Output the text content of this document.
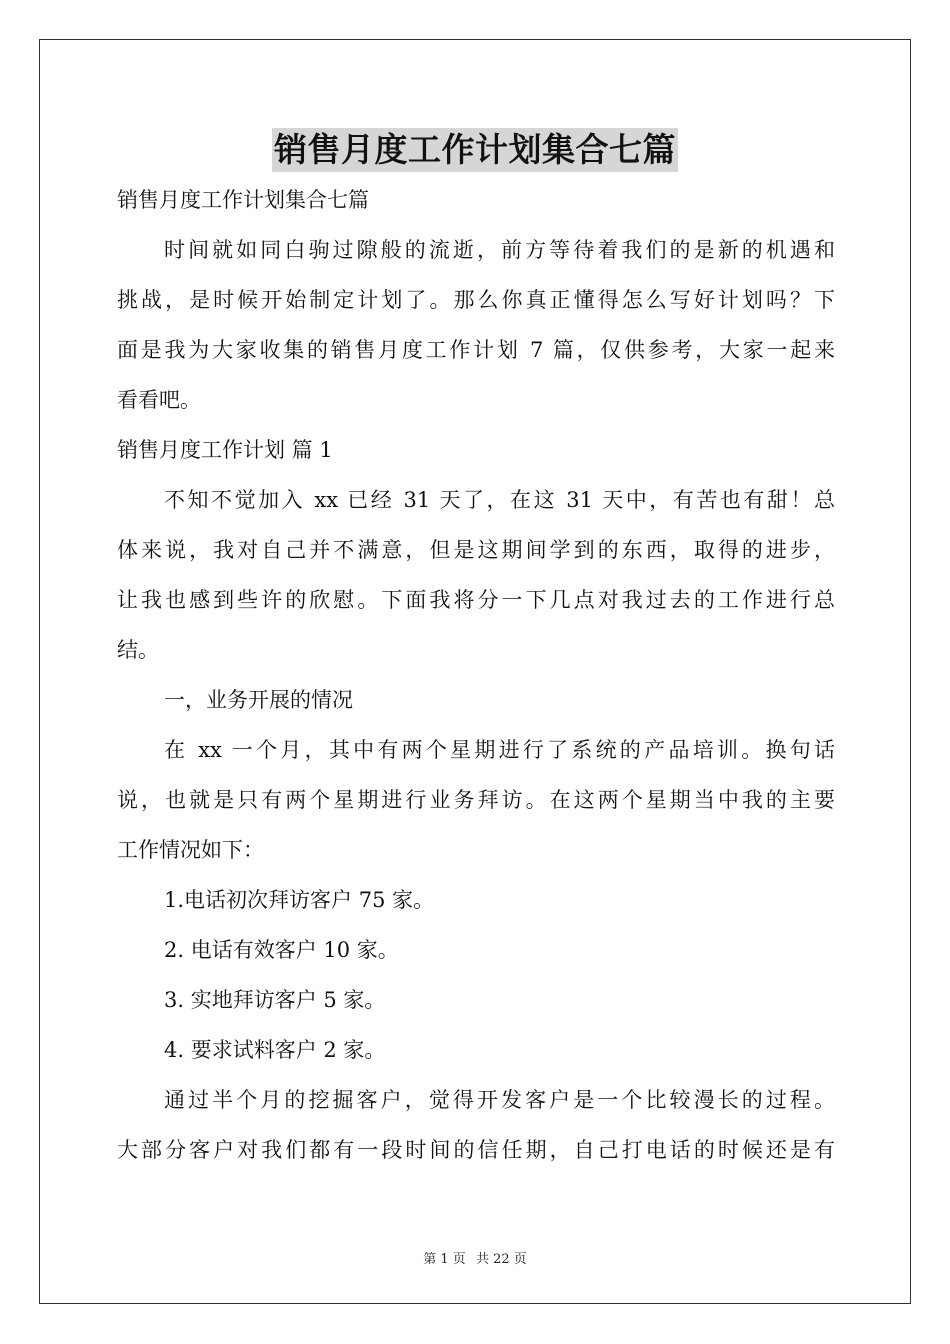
销售月度工作计划集合七篇
销售月度工作计划集合七篇
时间就如同白驹过隙般的流逝，前方等待着我们的是新的机遇和
挑战，是时候开始制定计划了。那么你真正懂得怎么写好计划吗？下
面是我为大家收集的销售月度工作计划 7 篇，仅供参考，大家一起来
看看吧。
销售月度工作计划 篇 1
不知不觉加入 xx 已经 31 天了，在这 31 天中，有苦也有甜！总
体来说，我对自己并不满意，但是这期间学到的东西，取得的进步，
让我也感到些许的欣慰。下面我将分一下几点对我过去的工作进行总
结。
一，业务开展的情况
在 xx 一个月，其中有两个星期进行了系统的产品培训。换句话
说，也就是只有两个星期进行业务拜访。在这两个星期当中我的主要
工作情况如下：
1.电话初次拜访客户 75 家。
2. 电话有效客户 10 家。
3. 实地拜访客户 5 家。
4. 要求试料客户 2 家。
通过半个月的挖掘客户，觉得开发客户是一个比较漫长的过程。
大部分客户对我们都有一段时间的信任期，自己打电话的时候还是有
第 1 页 共 22 页
